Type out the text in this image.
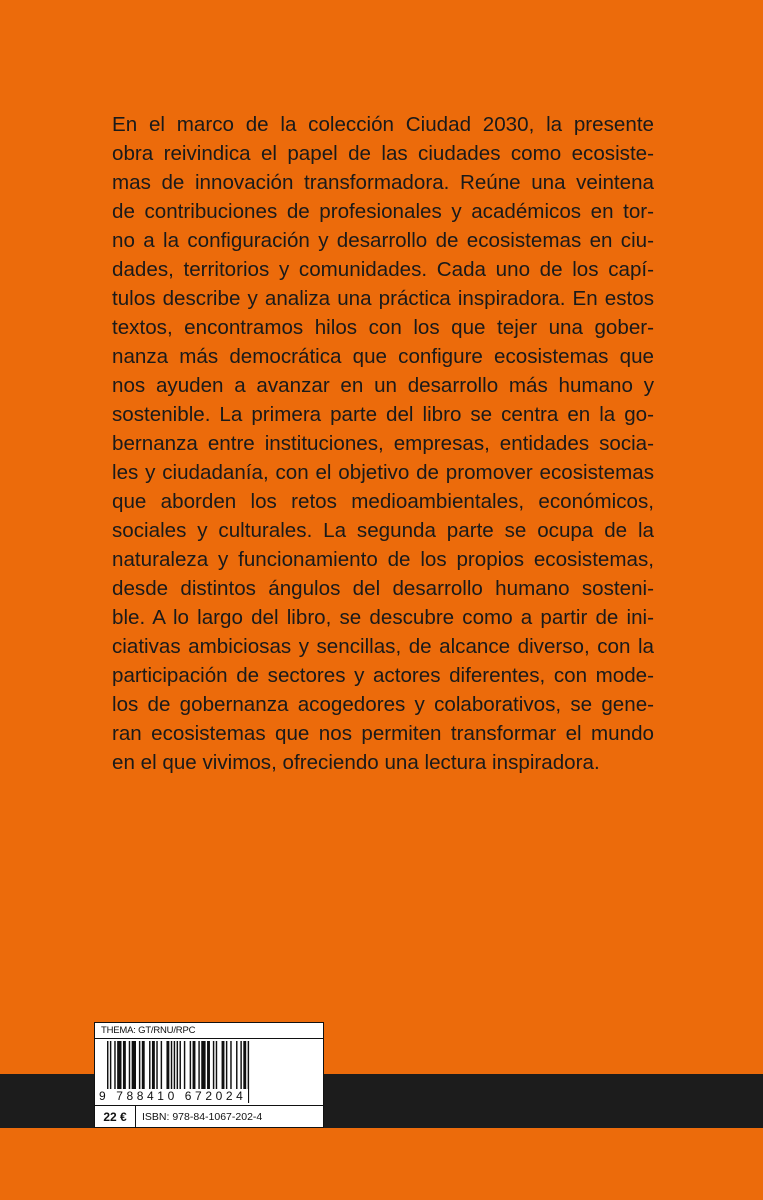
En el marco de la colección Ciudad 2030, la presente
obra reivindica el papel de las ciudades como ecosiste-
mas de innovación transformadora. Reúne una veintena
de contribuciones de profesionales y académicos en tor-
no a la configuración y desarrollo de ecosistemas en ciu-
dades, territorios y comunidades. Cada uno de los capí-
tulos describe y analiza una práctica inspiradora. En estos
textos, encontramos hilos con los que tejer una gober-
nanza más democrática que configure ecosistemas que
nos ayuden a avanzar en un desarrollo más humano y
sostenible. La primera parte del libro se centra en la go-
bernanza entre instituciones, empresas, entidades socia-
les y ciudadanía, con el objetivo de promover ecosistemas
que aborden los retos medioambientales, económicos,
sociales y culturales. La segunda parte se ocupa de la
naturaleza y funcionamiento de los propios ecosistemas,
desde distintos ángulos del desarrollo humano sosteni-
ble. A lo largo del libro, se descubre como a partir de ini-
ciativas ambiciosas y sencillas, de alcance diverso, con la
participación de sectores y actores diferentes, con mode-
los de gobernanza acogedores y colaborativos, se gene-
ran ecosistemas que nos permiten transformar el mundo
en el que vivimos, ofreciendo una lectura inspiradora.
THEMA: GT/RNU/RPC
9 788410 672024
22 €	ISBN: 978-84-1067-202-4
